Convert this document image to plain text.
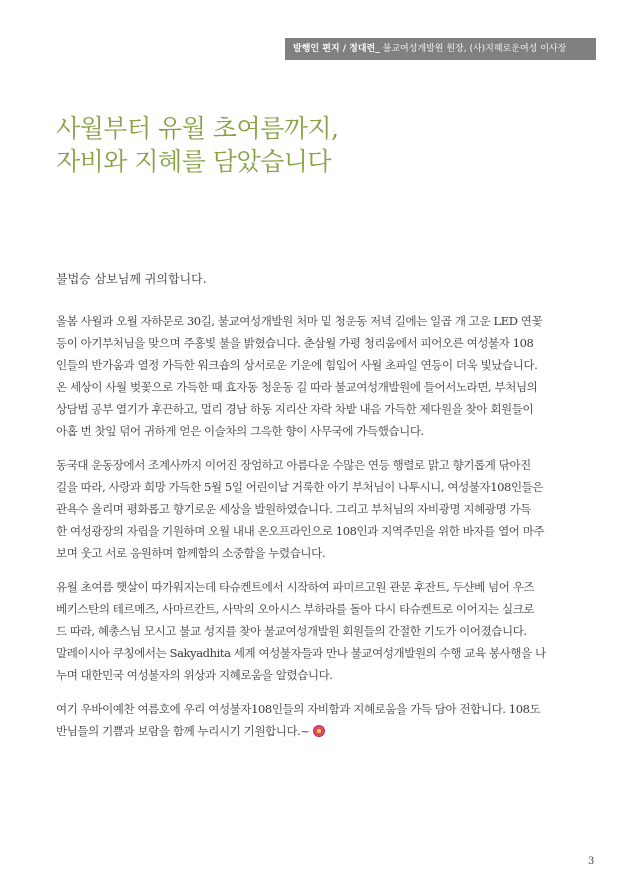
발행인 편지 / 정대련_ 불교여성개발원 원장, (사)지혜로운여성 이사장
사월부터 유월 초여름까지,
자비와 지혜를 담았습니다
불법승 삼보님께 귀의합니다.
올봄 사월과 오월 자하문로 30길, 불교여성개발원 처마 밑 청운동 저녁 길에는 일곱 개 고운 LED 연꽃
등이 아기부처님을 맞으며 주홍빛 불을 밝혔습니다. 춘삼월 가평 청리움에서 피어오른 여성불자 108
인들의 반가움과 열정 가득한 워크숍의 상서로운 기운에 힘입어 사월 초파일 연등이 더욱 빛났습니다.
온 세상이 사월 벚꽃으로 가득한 때 효자동 청운동 길 따라 불교여성개발원에 들어서노라면, 부처님의
상담법 공부 열기가 후끈하고, 멀리 경남 하동 지리산 자락 차밭 내음 가득한 제다원을 찾아 회원들이
아홉 번 찻잎 덖어 귀하게 얻은 이슬차의 그윽한 향이 사무국에 가득했습니다.
동국대 운동장에서 조계사까지 이어진 장엄하고 아름다운 수많은 연등 행렬로 맑고 향기롭게 닦아진
길을 따라, 사랑과 희망 가득한 5월 5일 어린이날 거룩한 아기 부처님이 나투시니, 여성불자108인들은
관욕수 올리며 평화롭고 향기로운 세상을 발원하였습니다. 그리고 부처님의 자비광명 지혜광명 가득
한 여성광장의 자립을 기원하며 오월 내내 온오프라인으로 108인과 지역주민을 위한 바자를 열어 마주
보며 웃고 서로 응원하며 함께함의 소중함을 누렸습니다.
유월 초여름 햇살이 따가워지는데 타슈켄트에서 시작하여 파미르고원 관문 후잔트, 두샨베 넘어 우즈
베키스탄의 테르메즈, 사마르칸트, 사막의 오아시스 부하라를 돌아 다시 타슈켄트로 이어지는 실크로
드 따라, 혜총스님 모시고 불교 성지를 찾아 불교여성개발원 회원들의 간절한 기도가 이어졌습니다.
말레이시아 쿠칭에서는 Sakyadhita 세계 여성불자들과 만나 불교여성개발원의 수행 교육 봉사행을 나
누며 대한민국 여성불자의 위상과 지혜로움을 알렸습니다.
여기 우바이예찬 여름호에 우리 여성불자108인들의 자비함과 지혜로움을 가득 담아 전합니다. 108도
반님들의 기쁨과 보람을 함께 누리시기 기원합니다.~
3
